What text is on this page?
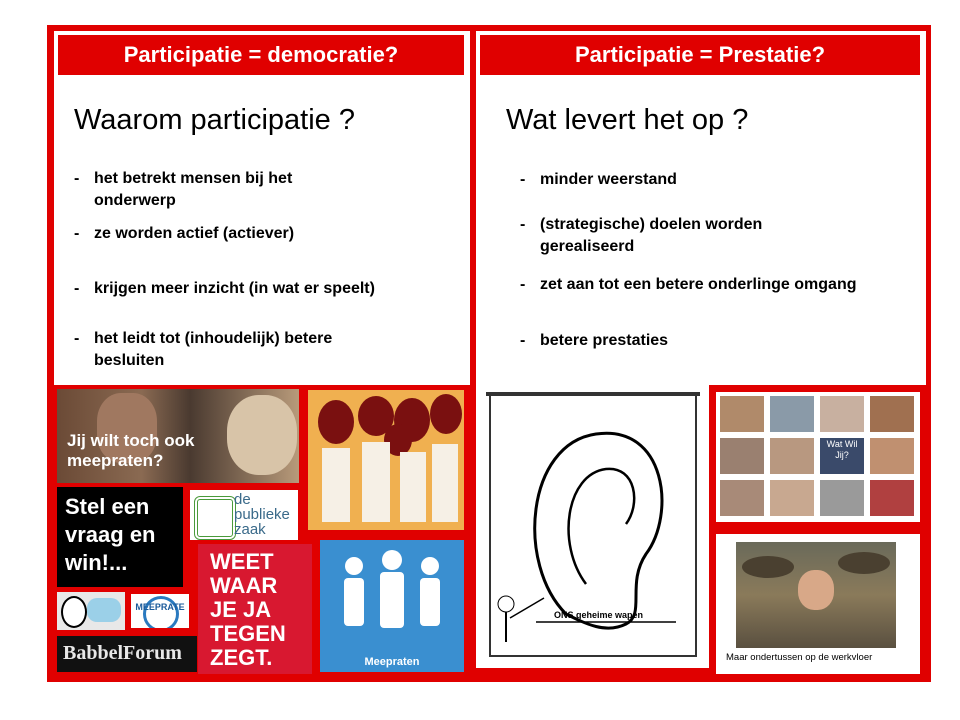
Participatie = democratie?
Waarom participatie ?
- het betrekt mensen bij het onderwerp
- ze worden actief (actiever)
- krijgen meer inzicht (in wat er speelt)
- het leidt tot (inhoudelijk) betere besluiten
Participatie = Prestatie?
Wat levert het op ?
- minder weerstand
- (strategische) doelen worden gerealiseerd
- zet aan tot een betere onderlinge omgang
- betere prestaties
Jij wilt toch ook meepraten?
Stel een vraag en win!...
de publieke zaak
MEEPRATE
BabbelForum
WEET WAAR JE JA TEGEN ZEGT.	Meepraten
ONS geheime wapen
Wat Wil Jij?
Maar ondertussen op de werkvloer
